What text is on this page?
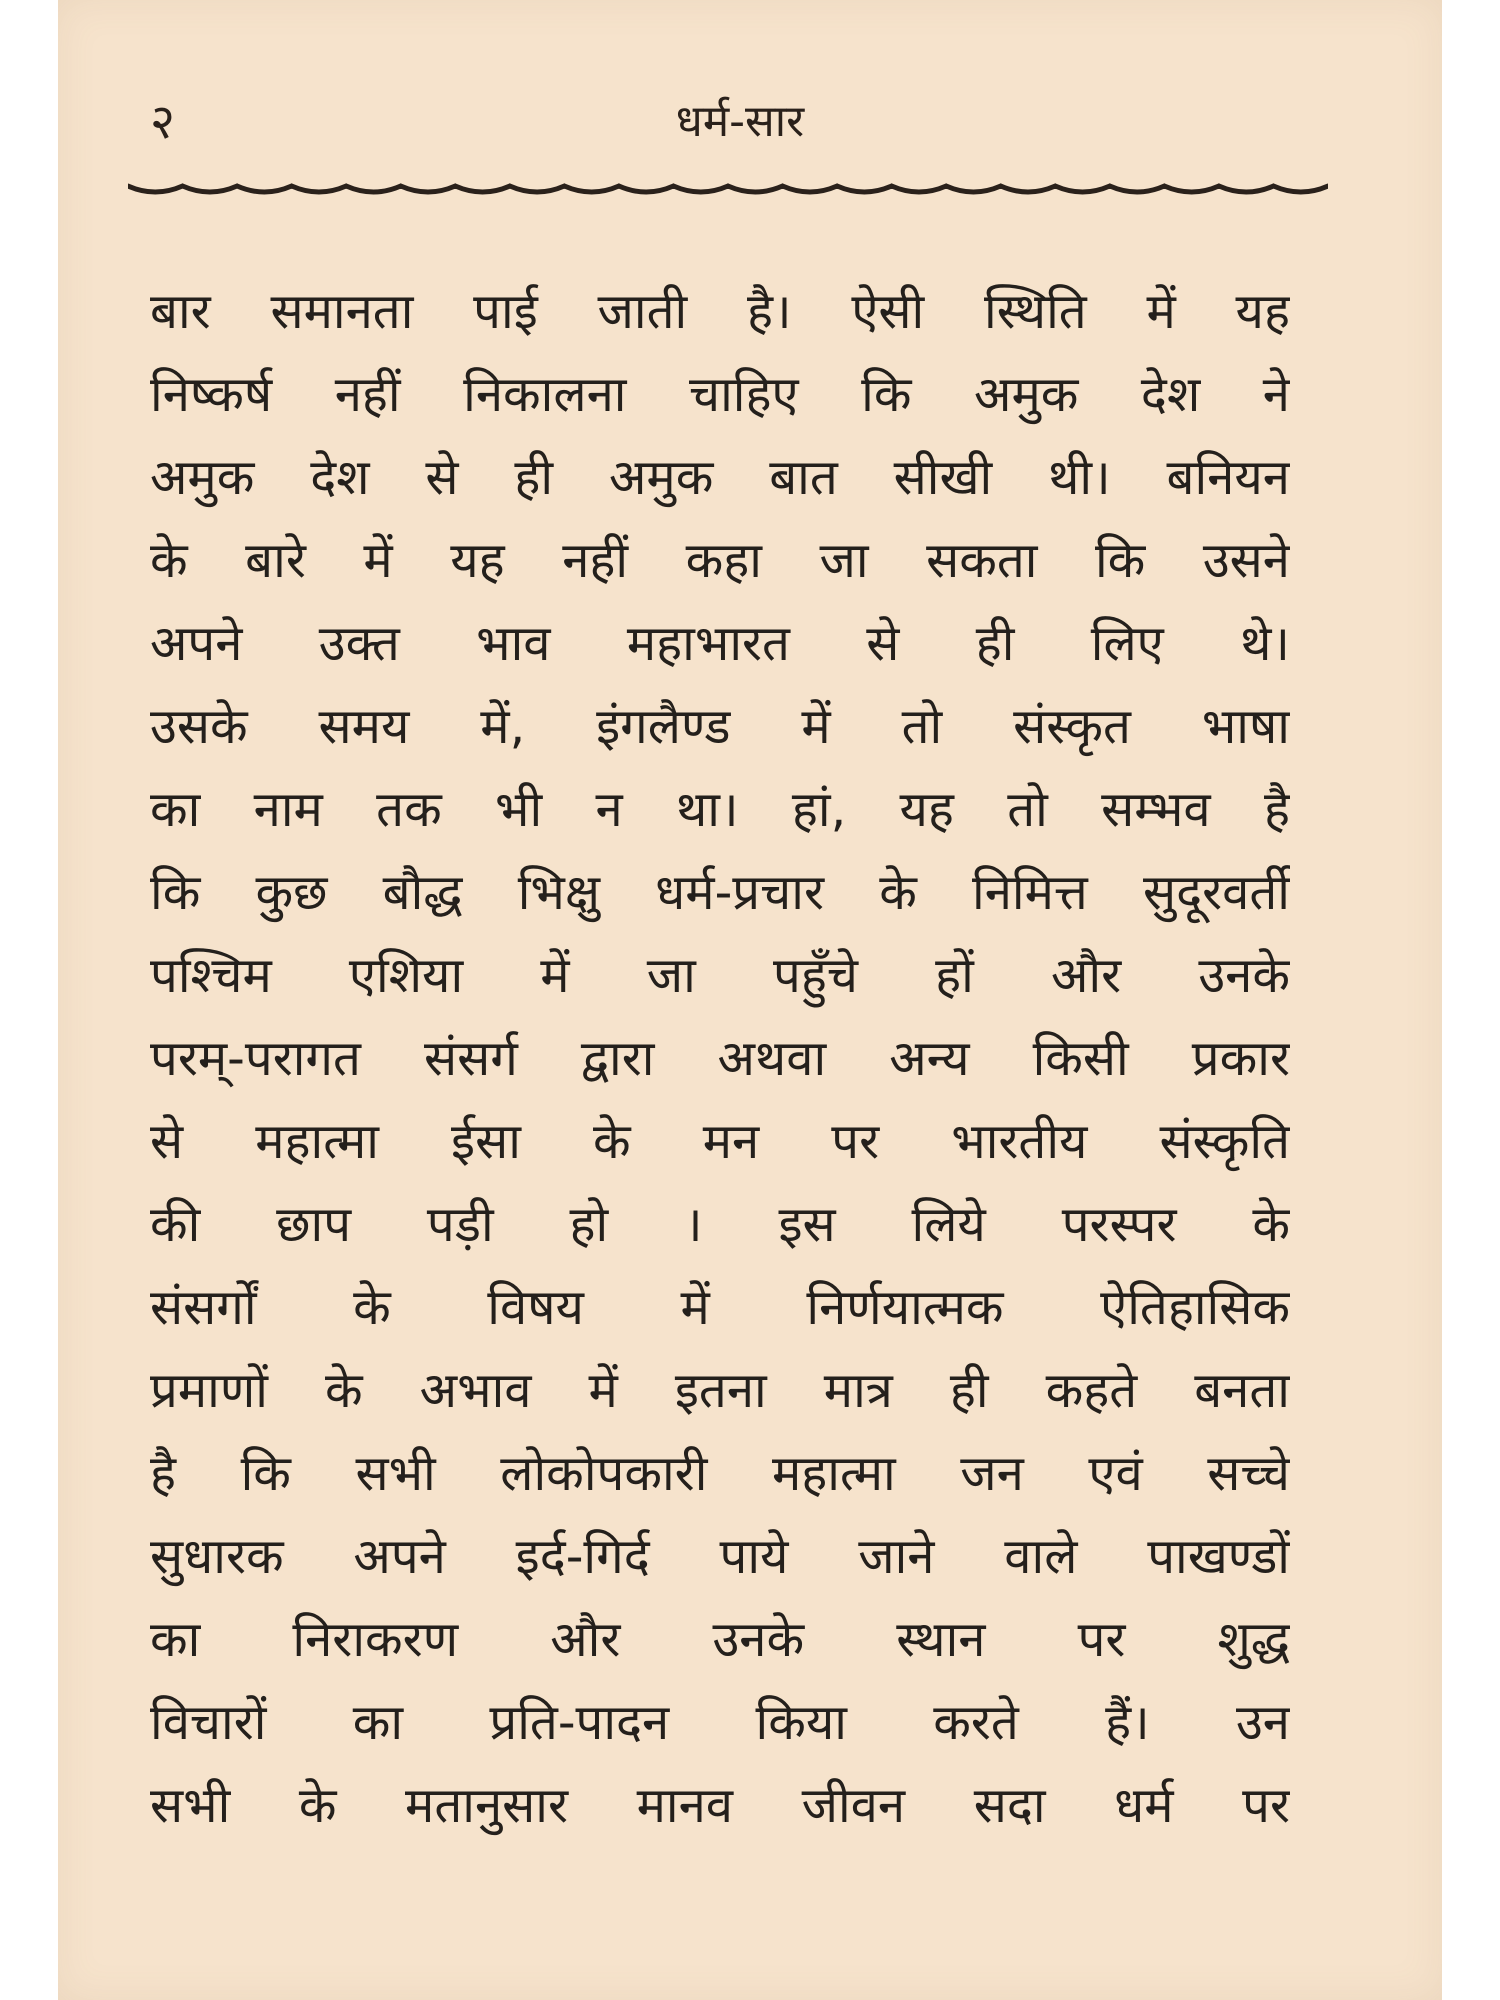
२	धर्म-सार
बार समानता पाई जाती है। ऐसी स्थिति में यह
निष्कर्ष नहीं निकालना चाहिए कि अमुक देश ने
अमुक देश से ही अमुक बात सीखी थी। बनियन
के बारे में यह नहीं कहा जा सकता कि उसने
अपने उक्त भाव महाभारत से ही लिए थे।
उसके समय में, इंगलैण्ड में तो संस्कृत भाषा
का नाम तक भी न था। हां, यह तो सम्भव है
कि कुछ बौद्ध भिक्षु धर्म-प्रचार के निमित्त सुदूरवर्ती
पश्चिम एशिया में जा पहुँचे हों और उनके
परम्-परागत संसर्ग द्वारा अथवा अन्य किसी प्रकार
से महात्मा ईसा के मन पर भारतीय संस्कृति
की छाप पड़ी हो । इस लिये परस्पर के
संसर्गों के विषय में निर्णयात्मक ऐतिहासिक
प्रमाणों के अभाव में इतना मात्र ही कहते बनता
है कि सभी लोकोपकारी महात्मा जन एवं सच्चे
सुधारक अपने इर्द-गिर्द पाये जाने वाले पाखण्डों
का निराकरण और उनके स्थान पर शुद्ध
विचारों का प्रति-पादन किया करते हैं। उन
सभी के मतानुसार मानव जीवन सदा धर्म पर
